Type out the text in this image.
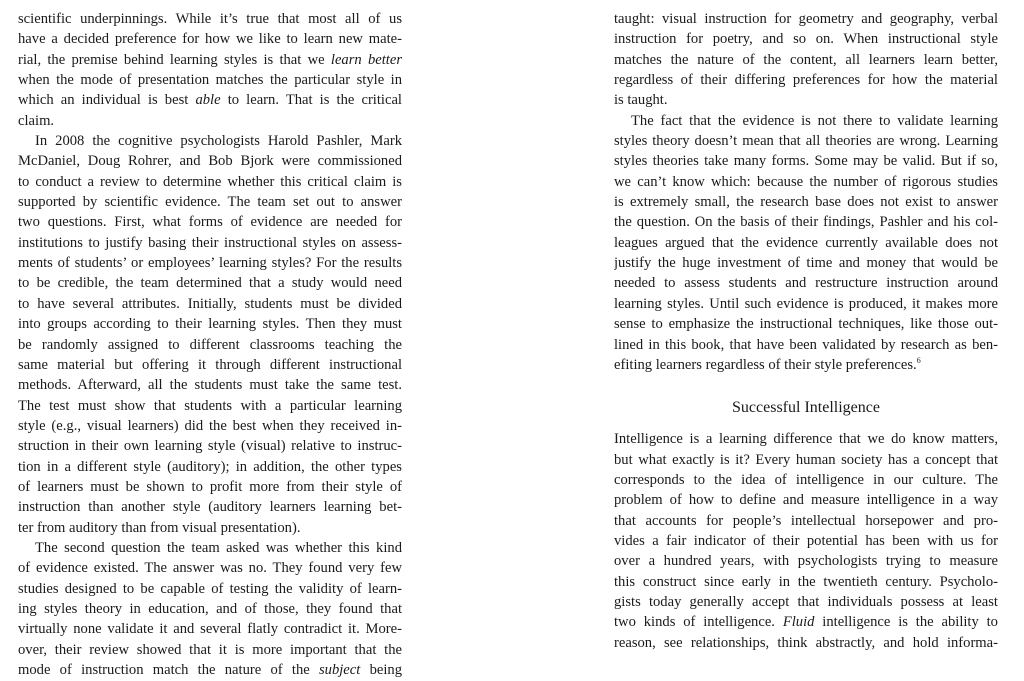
scientific underpinnings. While it’s true that most all of us
have a decided preference for how we like to learn new mate-
rial, the premise behind learning styles is that we learn better
when the mode of presentation matches the particular style in
which an individual is best able to learn. That is the critical
claim.
In 2008 the cognitive psychologists Harold Pashler, Mark
McDaniel, Doug Rohrer, and Bob Bjork were commissioned
to conduct a review to determine whether this critical claim is
supported by scientific evidence. The team set out to answer
two questions. First, what forms of evidence are needed for
institutions to justify basing their instructional styles on assess-
ments of students’ or employees’ learning styles? For the results
to be credible, the team determined that a study would need
to have several attributes. Initially, students must be divided
into groups according to their learning styles. Then they must
be randomly assigned to different classrooms teaching the
same material but offering it through different instructional
methods. Afterward, all the students must take the same test.
The test must show that students with a particular learning
style (e.g., visual learners) did the best when they received in-
struction in their own learning style (visual) relative to instruc-
tion in a different style (auditory); in addition, the other types
of learners must be shown to profit more from their style of
instruction than another style (auditory learners learning bet-
ter from auditory than from visual presentation).
The second question the team asked was whether this kind
of evidence existed. The answer was no. They found very few
studies designed to be capable of testing the validity of learn-
ing styles theory in education, and of those, they found that
virtually none validate it and several flatly contradict it. More-
over, their review showed that it is more important that the
mode of instruction match the nature of the subject being
taught: visual instruction for geometry and geography, verbal
instruction for poetry, and so on. When instructional style
matches the nature of the content, all learners learn better,
regardless of their differing preferences for how the material
is taught.
The fact that the evidence is not there to validate learning
styles theory doesn’t mean that all theories are wrong. Learning
styles theories take many forms. Some may be valid. But if so,
we can’t know which: because the number of rigorous studies
is extremely small, the research base does not exist to answer
the question. On the basis of their findings, Pashler and his col-
leagues argued that the evidence currently available does not
justify the huge investment of time and money that would be
needed to assess students and restructure instruction around
learning styles. Until such evidence is produced, it makes more
sense to emphasize the instructional techniques, like those out-
lined in this book, that have been validated by research as ben-
efiting learners regardless of their style preferences.$^6$
Successful Intelligence
Intelligence is a learning difference that we do know matters,
but what exactly is it? Every human society has a concept that
corresponds to the idea of intelligence in our culture. The
problem of how to define and measure intelligence in a way
that accounts for people’s intellectual horsepower and pro-
vides a fair indicator of their potential has been with us for
over a hundred years, with psychologists trying to measure
this construct since early in the twentieth century. Psycholo-
gists today generally accept that individuals possess at least
two kinds of intelligence. Fluid intelligence is the ability to
reason, see relationships, think abstractly, and hold informa-
